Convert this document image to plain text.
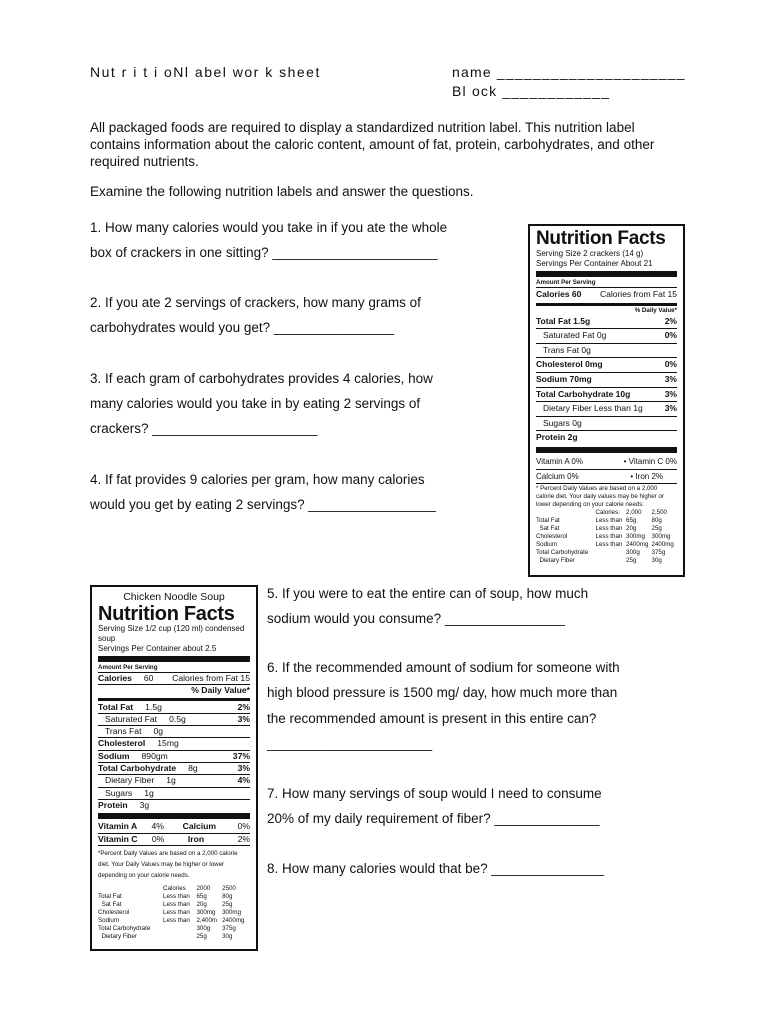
Nut r i t i oNl abel wor k sheet	name _____________________
Bl ock ____________
All packaged foods are required to display a standardized nutrition label. This nutrition label contains information about the caloric content, amount of fat, protein, carbohydrates, and other required nutrients.
Examine the following nutrition labels and answer the questions.
1. How many calories would you take in if you ate the whole
box of crackers in one sitting? ______________________
2. If you ate 2 servings of crackers, how many grams of
carbohydrates would you get? ________________
3. If each gram of carbohydrates provides 4 calories, how
many calories would you take in by eating 2 servings of
crackers? ______________________
4. If fat provides 9 calories per gram, how many calories
would you get by eating 2 servings? _________________
5. If you were to eat the entire can of soup, how much
sodium would you consume? ________________
6. If the recommended amount of sodium for someone with
high blood pressure is 1500 mg/ day, how much more than
the recommended amount is present in this entire can?
______________________
7. How many servings of soup would I need to consume
20% of my daily requirement of fiber? ______________
8. How many calories would that be? _______________
Nutrition Facts
Serving Size 2 crackers (14 g)
Servings Per Container About 21
Amount Per Serving
Calories 60 Calories from Fat 15
% Daily Value*
Total Fat 1.5g	2%
Saturated Fat 0g	0%
Trans Fat 0g
Cholesterol 0mg	0%
Sodium 70mg	3%
Total Carbohydrate 10g	3%
Dietary Fiber Less than 1g	3%
Sugars 0g
Protein 2g
Vitamin A 0%	• Vitamin C 0%
Calcium 0%	• Iron 2%
* Percent Daily Values are based on a 2,000 calorie diet. Your daily values may be higher or lower depending on your calorie needs:
	Calories:	2,000	2,500
Total Fat	Less than	65g	80g
Sat Fat	Less than	20g	25g
Cholesterol	Less than	300mg	300mg
Sodium	Less than	2400mg	2400mg
Total Carbohydrate		300g	375g
Dietary Fiber		25g	30g
Chicken Noodle Soup
Nutrition Facts
Serving Size 1/2 cup (120 ml) condensed soup
Servings Per Container about 2.5
Amount Per Serving
Calories 60 Calories from Fat 15
% Daily Value*
Total Fat 1.5g	2%
Saturated Fat 0.5g	3%
Trans Fat 0g
Cholesterol 15mg
Sodium 890gm	37%
Total Carbohydrate 8g	3%
Dietary Fiber 1g	4%
Sugars 1g
Protein 3g
Vitamin A 4% Calcium	0%
Vitamin C 0%	Iron	2%
*Percent Daily Values are based on a 2,000 calorie diet. Your Daily Values may be higher or lower depending on your calorie needs.
	Calories	2000	2500
Total Fat	Less than	65g	80g
Sat Fat	Less than	20g	25g
Cholesterol	Less than	300mg	300mg
Sodium	Less than	2,400m	2400mg
Total Carbohydrate		300g	375g
Dietary Fiber		25g	30g
